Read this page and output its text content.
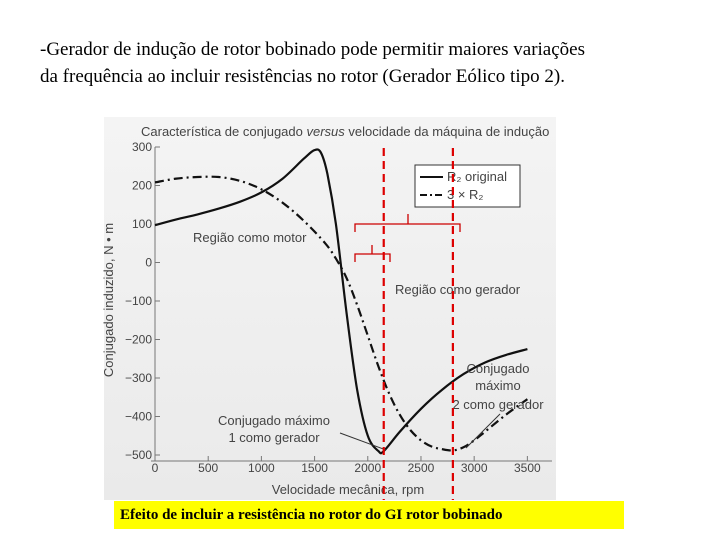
-Gerador de indução de rotor bobinado pode permitir maiores variações
da frequência ao incluir resistências no rotor (Gerador Eólico tipo 2).
Característica de conjugado versus velocidade da máquina de indução
Velocidade mecânica, rpm
Conjugado induzido, N • m
300
200
100
0
−100
−200
−300
−400
−500
0	500 1000 1500 2000 2500 3000 3500
R₂ original
3 × R₂
Região como motor
Região como gerador
Conjugado máximo
1 como gerador
Conjugado
máximo
2 como gerador
Efeito de incluir a resistência no rotor do GI rotor bobinado
